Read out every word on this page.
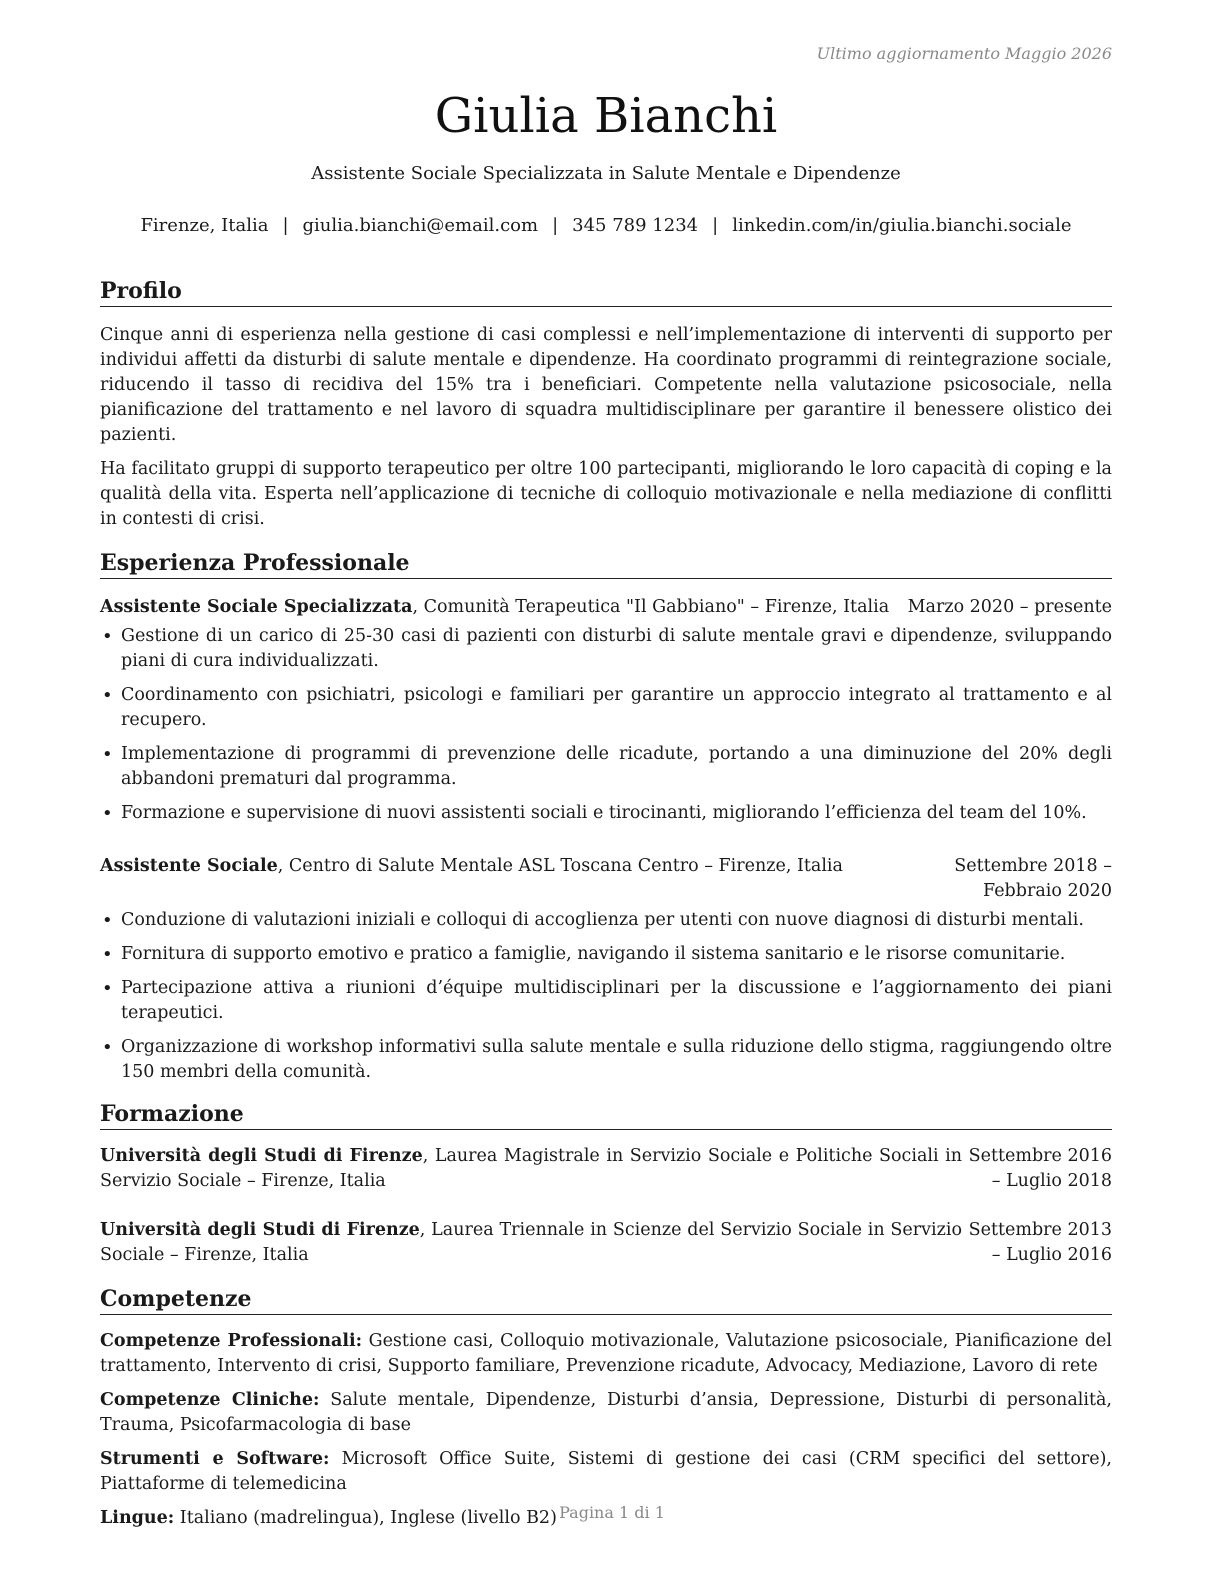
Ultimo aggiornamento Maggio 2026
Giulia Bianchi
Assistente Sociale Specializzata in Salute Mentale e Dipendenze
Firenze, Italia | giulia.bianchi@email.com | 345 789 1234 | linkedin.com/in/giulia.bianchi.sociale
Profilo

Cinque anni di esperienza nella gestione di casi complessi e nell’implementazione di interventi di supporto per individui affetti da disturbi di salute mentale e dipendenze. Ha coordinato programmi di reintegrazione sociale, riducendo il tasso di recidiva del 15% tra i beneficiari. Competente nella valutazione psicosociale, nella pianificazione del trattamento e nel lavoro di squadra multidisciplinare per garantire il benessere olistico dei pazienti.

Ha facilitato gruppi di supporto terapeutico per oltre 100 partecipanti, migliorando le loro capacità di coping e la qualità della vita. Esperta nell’applicazione di tecniche di colloquio motivazionale e nella mediazione di conflitti in contesti di crisi.

Esperienza Professionale
Assistente Sociale Specializzata, Comunità Terapeutica "Il Gabbiano" – Firenze, Italia	Marzo 2020 – presente
• Gestione di un carico di 25-30 casi di pazienti con disturbi di salute mentale gravi e dipendenze, sviluppando piani di cura individualizzati.
• Coordinamento con psichiatri, psicologi e familiari per garantire un approccio integrato al trattamento e al recupero.
• Implementazione di programmi di prevenzione delle ricadute, portando a una diminuzione del 20% degli abbandoni prematuri dal programma.
• Formazione e supervisione di nuovi assistenti sociali e tirocinanti, migliorando l’efficienza del team del 10%.
Assistente Sociale, Centro di Salute Mentale ASL Toscana Centro – Firenze, Italia	Settembre 2018 – Febbraio 2020
• Conduzione di valutazioni iniziali e colloqui di accoglienza per utenti con nuove diagnosi di disturbi mentali.
• Fornitura di supporto emotivo e pratico a famiglie, navigando il sistema sanitario e le risorse comunitarie.
• Partecipazione attiva a riunioni d’équipe multidisciplinari per la discussione e l’aggiornamento dei piani terapeutici.
• Organizzazione di workshop informativi sulla salute mentale e sulla riduzione dello stigma, raggiungendo oltre 150 membri della comunità.
Formazione
Università degli Studi di Firenze, Laurea Magistrale in Servizio Sociale e Politiche Sociali in Servizio Sociale – Firenze, Italia
Settembre 2016 – Luglio 2018
Università degli Studi di Firenze, Laurea Triennale in Scienze del Servizio Sociale in Servizio Sociale – Firenze, Italia
Settembre 2013 – Luglio 2016
Competenze
Competenze Professionali: Gestione casi, Colloquio motivazionale, Valutazione psicosociale, Pianificazione del trattamento, Intervento di crisi, Supporto familiare, Prevenzione ricadute, Advocacy, Mediazione, Lavoro di rete
Competenze Cliniche: Salute mentale, Dipendenze, Disturbi d’ansia, Depressione, Disturbi di personalità, Trauma, Psicofarmacologia di base
Strumenti e Software: Microsoft Office Suite, Sistemi di gestione dei casi (CRM specifici del settore), Piattaforme di telemedicina
Lingue: Italiano (madrelingua), Inglese (livello B2) Pagina 1 di 1
